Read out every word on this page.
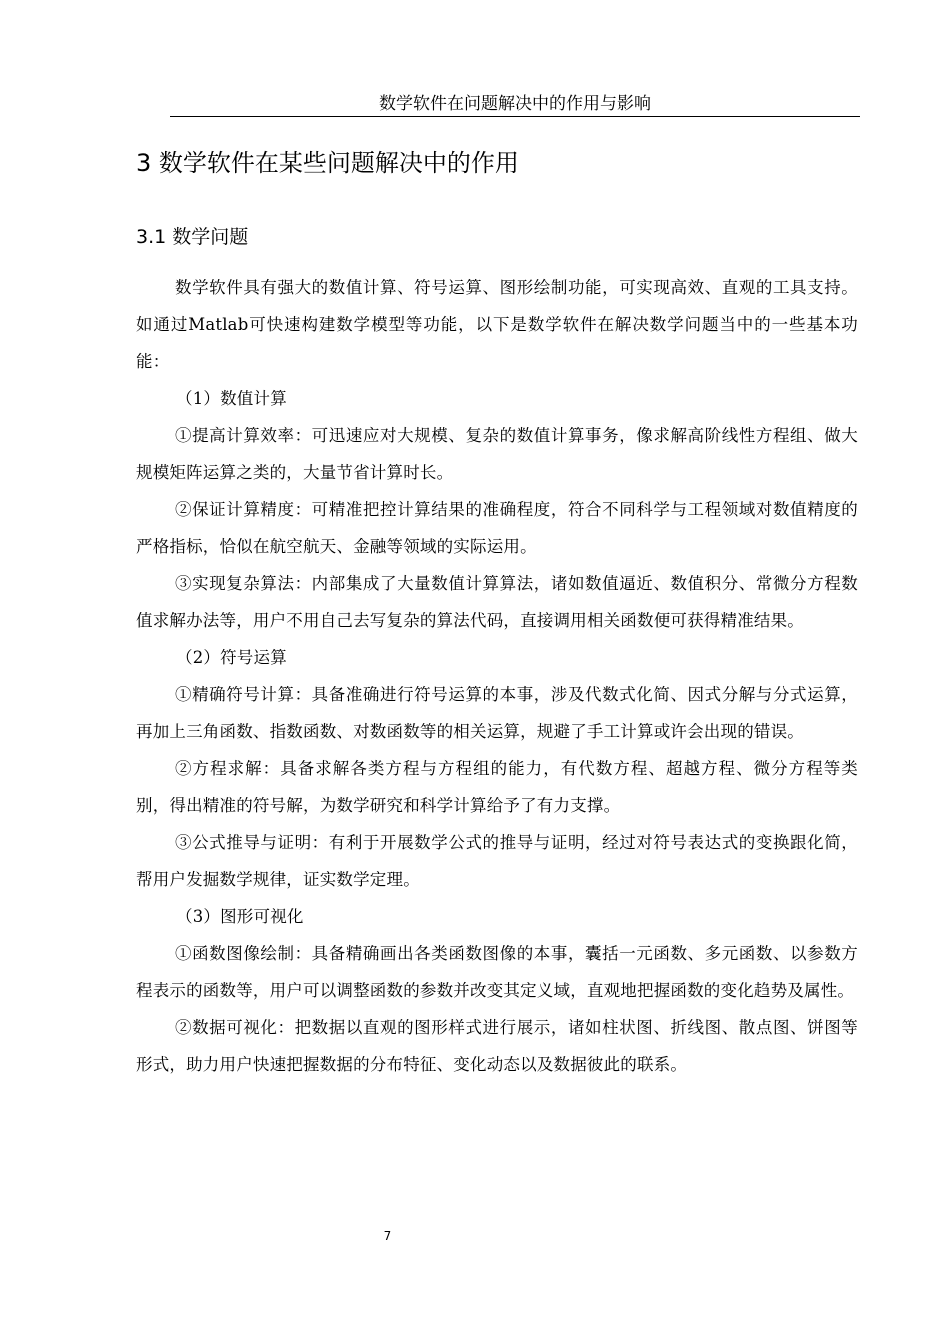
数学软件在问题解决中的作用与影响
3 数学软件在某些问题解决中的作用
3.1 数学问题

数学软件具有强大的数值计算、符号运算、图形绘制功能，可实现高效、直观的工具支持。如通过Matlab可快速构建数学模型等功能，以下是数学软件在解决数学问题当中的一些基本功能：

（1）数值计算

①提高计算效率：可迅速应对大规模、复杂的数值计算事务，像求解高阶线性方程组、做大规模矩阵运算之类的，大量节省计算时长。

②保证计算精度：可精准把控计算结果的准确程度，符合不同科学与工程领域对数值精度的严格指标，恰似在航空航天、金融等领域的实际运用。

③实现复杂算法：内部集成了大量数值计算算法，诸如数值逼近、数值积分、常微分方程数值求解办法等，用户不用自己去写复杂的算法代码，直接调用相关函数便可获得精准结果。

（2）符号运算

①精确符号计算：具备准确进行符号运算的本事，涉及代数式化简、因式分解与分式运算，再加上三角函数、指数函数、对数函数等的相关运算，规避了手工计算或许会出现的错误。

②方程求解：具备求解各类方程与方程组的能力，有代数方程、超越方程、微分方程等类别，得出精准的符号解，为数学研究和科学计算给予了有力支撑。

③公式推导与证明：有利于开展数学公式的推导与证明，经过对符号表达式的变换跟化简，帮用户发掘数学规律，证实数学定理。

（3）图形可视化

①函数图像绘制：具备精确画出各类函数图像的本事，囊括一元函数、多元函数、以参数方程表示的函数等，用户可以调整函数的参数并改变其定义域，直观地把握函数的变化趋势及属性。

②数据可视化：把数据以直观的图形样式进行展示，诸如柱状图、折线图、散点图、饼图等形式，助力用户快速把握数据的分布特征、变化动态以及数据彼此的联系。

7
